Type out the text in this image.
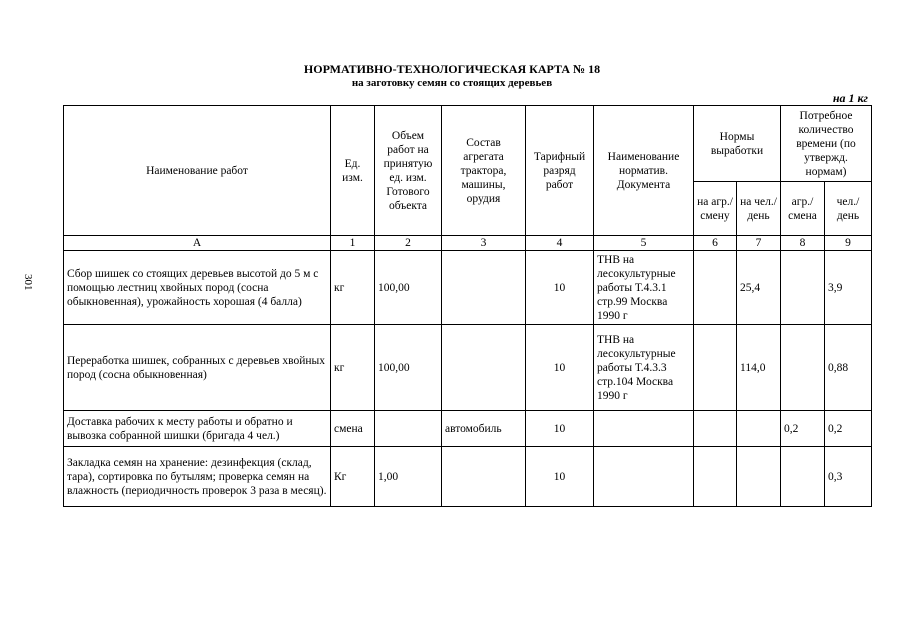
301
НОРМАТИВНО-ТЕХНОЛОГИЧЕСКАЯ КАРТА № 18
на заготовку семян со стоящих деревьев
на 1 кг
Наименование работ	Ед. изм.	Объем работ на принятую ед. изм. Готового объекта	Состав агрегата трактора, машины, орудия	Тарифный разряд работ	Наименование норматив. Документа	Нормы выработки		Потребное количество времени (по утвержд. нормам)	
						на агр./ смену	на чел./ день	агр./ смена	чел./ день
А	1	2	3	4	5	6	7	8	9
Сбор шишек со стоящих деревьев высотой до 5 м с помощью лестниц хвойных пород (сосна обыкновенная), урожайность хорошая (4 балла)	кг	100,00		10	ТНВ на лесокультурные работы Т.4.3.1 стр.99 Москва 1990 г		25,4		3,9
Переработка шишек, собранных с деревьев хвойных пород (сосна обыкновенная)	кг	100,00		10	ТНВ на лесокультурные работы Т.4.3.3 стр.104 Москва 1990 г		114,0		0,88
Доставка рабочих к месту работы и обратно и вывозка собранной шишки (бригада 4 чел.)	смена		автомобиль	10				0,2	0,2
Закладка семян на хранение: дезинфекция (склад, тара), сортировка по бутылям; проверка семян на влажность (периодичность проверок 3 раза в месяц).	Кг	1,00		10					0,3
